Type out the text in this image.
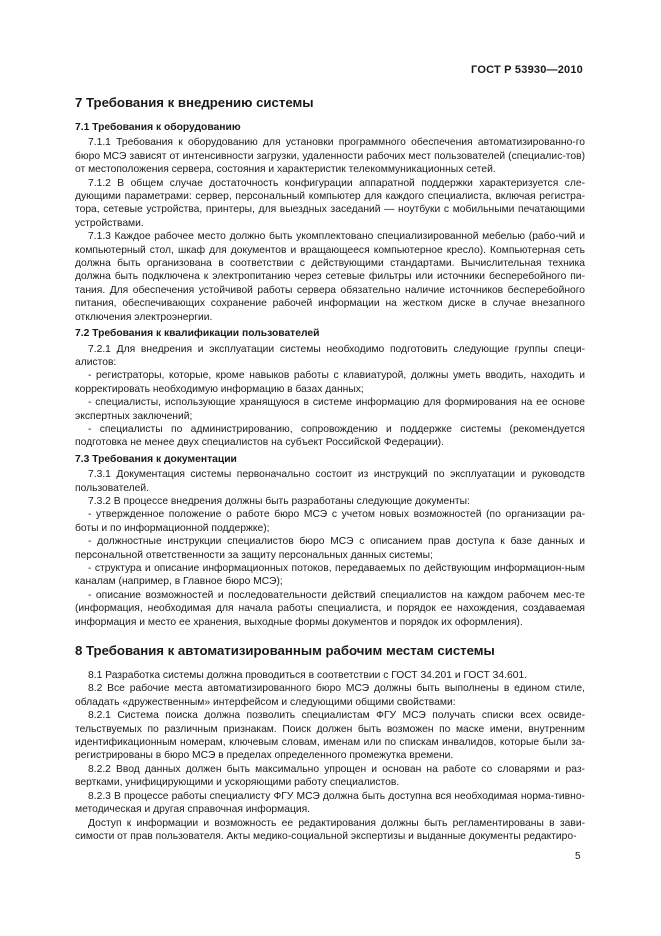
ГОСТ Р 53930—2010
7 Требования к внедрению системы
7.1 Требования к оборудованию

7.1.1 Требования к оборудованию для установки программного обеспечения автоматизированно-го бюро МСЭ зависят от интенсивности загрузки, удаленности рабочих мест пользователей (специалис-тов) от местоположения сервера, состояния и характеристик телекоммуникационных сетей.

7.1.2 В общем случае достаточность конфигурации аппаратной поддержки характеризуется сле-дующими параметрами: сервер, персональный компьютер для каждого специалиста, включая регистра-тора, сетевые устройства, принтеры, для выездных заседаний — ноутбуки с мобильными печатающими устройствами.

7.1.3 Каждое рабочее место должно быть укомплектовано специализированной мебелью (рабо-чий и компьютерный стол, шкаф для документов и вращающееся компьютерное кресло). Компьютерная сеть должна быть организована в соответствии с действующими стандартами. Вычислительная техника должна быть подключена к электропитанию через сетевые фильтры или источники бесперебойного пи-тания. Для обеспечения устойчивой работы сервера обязательно наличие источников бесперебойного питания, обеспечивающих сохранение рабочей информации на жестком диске в случае внезапного отключения электроэнергии.

7.2 Требования к квалификации пользователей

7.2.1 Для внедрения и эксплуатации системы необходимо подготовить следующие группы специ-алистов:

- регистраторы, которые, кроме навыков работы с клавиатурой, должны уметь вводить, находить и корректировать необходимую информацию в базах данных;

- специалисты, использующие хранящуюся в системе информацию для формирования на ее основе экспертных заключений;

- специалисты по администрированию, сопровождению и поддержке системы (рекомендуется подготовка не менее двух специалистов на субъект Российской Федерации).

7.3 Требования к документации

7.3.1 Документация системы первоначально состоит из инструкций по эксплуатации и руководств пользователей.

7.3.2 В процессе внедрения должны быть разработаны следующие документы:

- утвержденное положение о работе бюро МСЭ с учетом новых возможностей (по организации ра-боты и по информационной поддержке);

- должностные инструкции специалистов бюро МСЭ с описанием прав доступа к базе данных и персональной ответственности за защиту персональных данных системы;

- структура и описание информационных потоков, передаваемых по действующим информацион-ным каналам (например, в Главное бюро МСЭ);

- описание возможностей и последовательности действий специалистов на каждом рабочем мес-те (информация, необходимая для начала работы специалиста, и порядок ее нахождения, создаваемая информация и место ее хранения, выходные формы документов и порядок их оформления).

8 Требования к автоматизированным рабочим местам системы

8.1 Разработка системы должна проводиться в соответствии с ГОСТ 34.201 и ГОСТ 34.601.

8.2 Все рабочие места автоматизированного бюро МСЭ должны быть выполнены в едином стиле, обладать «дружественным» интерфейсом и следующими общими свойствами:

8.2.1 Система поиска должна позволить специалистам ФГУ МСЭ получать списки всех освиде-тельствуемых по различным признакам. Поиск должен быть возможен по маске имени, внутренним идентификационным номерам, ключевым словам, именам или по спискам инвалидов, которые были за-регистрированы в бюро МСЭ в пределах определенного промежутка времени.

8.2.2 Ввод данных должен быть максимально упрощен и основан на работе со словарями и раз-вертками, унифицирующими и ускоряющими работу специалистов.

8.2.3 В процессе работы специалисту ФГУ МСЭ должна быть доступна вся необходимая норма-тивно-методическая и другая справочная информация.

Доступ к информации и возможность ее редактирования должны быть регламентированы в зави-симости от прав пользователя. Акты медико-социальной экспертизы и выданные документы редактиро-

5
